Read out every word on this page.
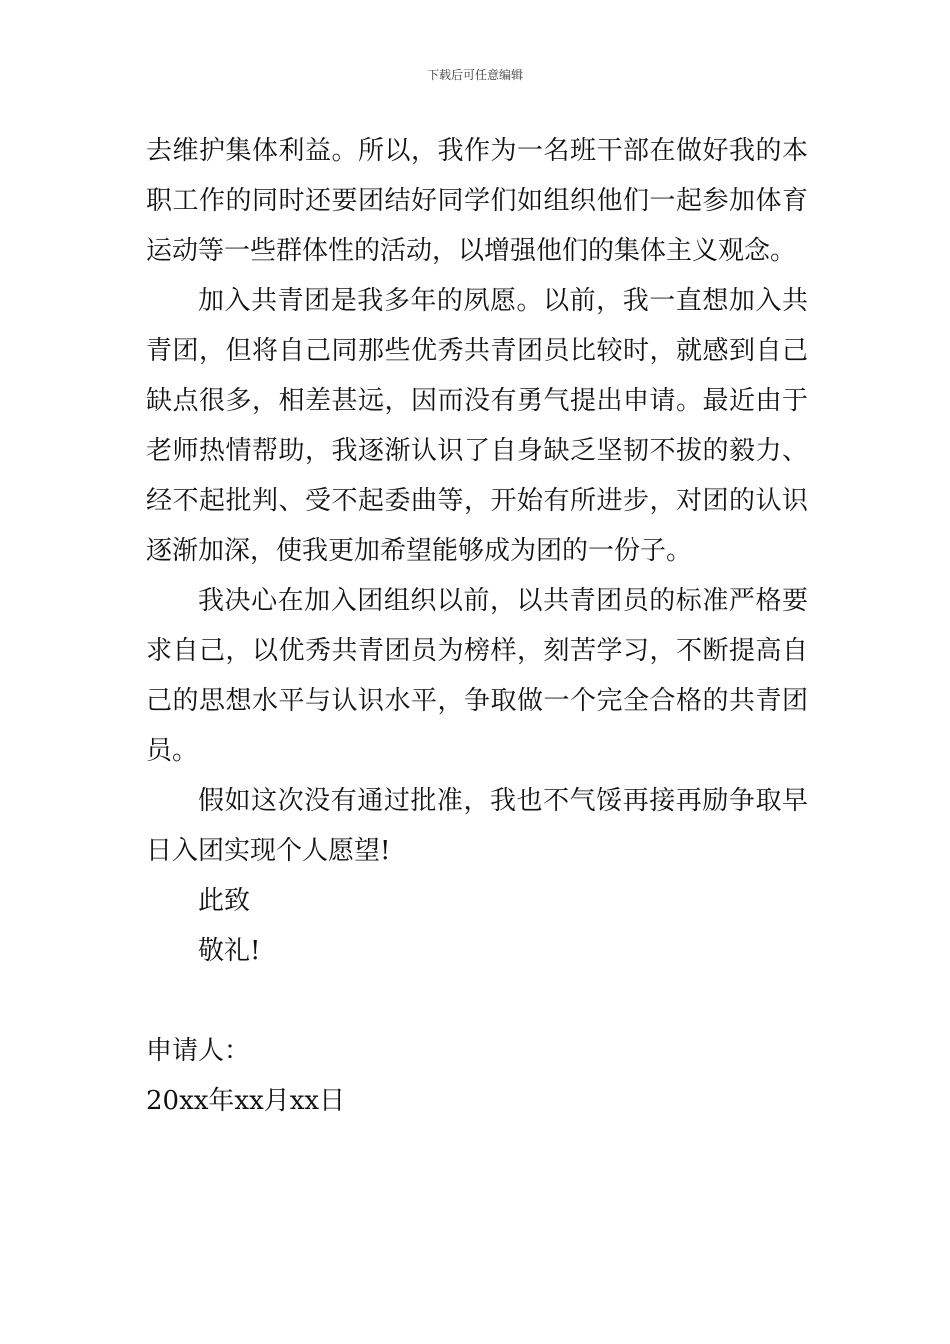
下载后可任意编辑

去维护集体利益。所以，我作为一名班干部在做好我的本职工作的同时还要团结好同学们如组织他们一起参加体育运动等一些群体性的活动，以增强他们的集体主义观念。

加入共青团是我多年的夙愿。以前，我一直想加入共青团，但将自己同那些优秀共青团员比较时，就感到自己缺点很多，相差甚远，因而没有勇气提出申请。最近由于老师热情帮助，我逐渐认识了自身缺乏坚韧不拔的毅力、经不起批判、受不起委曲等，开始有所进步，对团的认识逐渐加深，使我更加希望能够成为团的一份子。

我决心在加入团组织以前，以共青团员的标准严格要求自己，以优秀共青团员为榜样，刻苦学习，不断提高自己的思想水平与认识水平，争取做一个完全合格的共青团员。

假如这次没有通过批准，我也不气馁再接再励争取早日入团实现个人愿望!

此致

敬礼!

申请人：

20xx年xx月xx日
